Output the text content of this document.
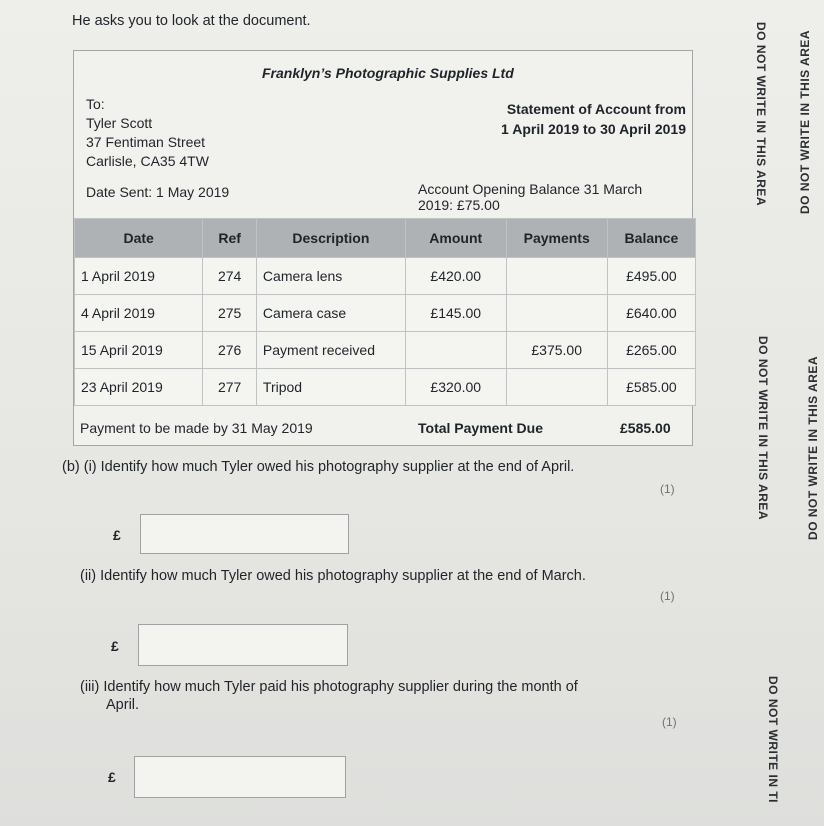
He asks you to look at the document.
Franklyn’s Photographic Supplies Ltd
To:
Tyler Scott
37 Fentiman Street
Carlisle, CA35 4TW
Statement of Account from
1 April 2019 to 30 April 2019
Date Sent: 1 May 2019	Account Opening Balance 31 March
2019: £75.00
Date	Ref	Description	Amount	Payments	Balance
1 April 2019	274	Camera lens	£420.00		£495.00
4 April 2019	275	Camera case	£145.00		£640.00
15 April 2019	276	Payment received		£375.00	£265.00
23 April 2019	277	Tripod	£320.00		£585.00
Payment to be made by 31 May 2019	Total Payment Due	£585.00
(b) (i) Identify how much Tyler owed his photography supplier at the end of April.
(1)
£
(ii) Identify how much Tyler owed his photography supplier at the end of March.
(1)
£
(iii) Identify how much Tyler paid his photography supplier during the month of
April.
(1)
£
DO NOT WRITE IN THIS AREA
DO NOT WRITE IN THIS AREA
DO NOT WRITE IN TI
DO NOT WRITE IN THIS AREA
DO NOT WRITE IN THIS AREA
